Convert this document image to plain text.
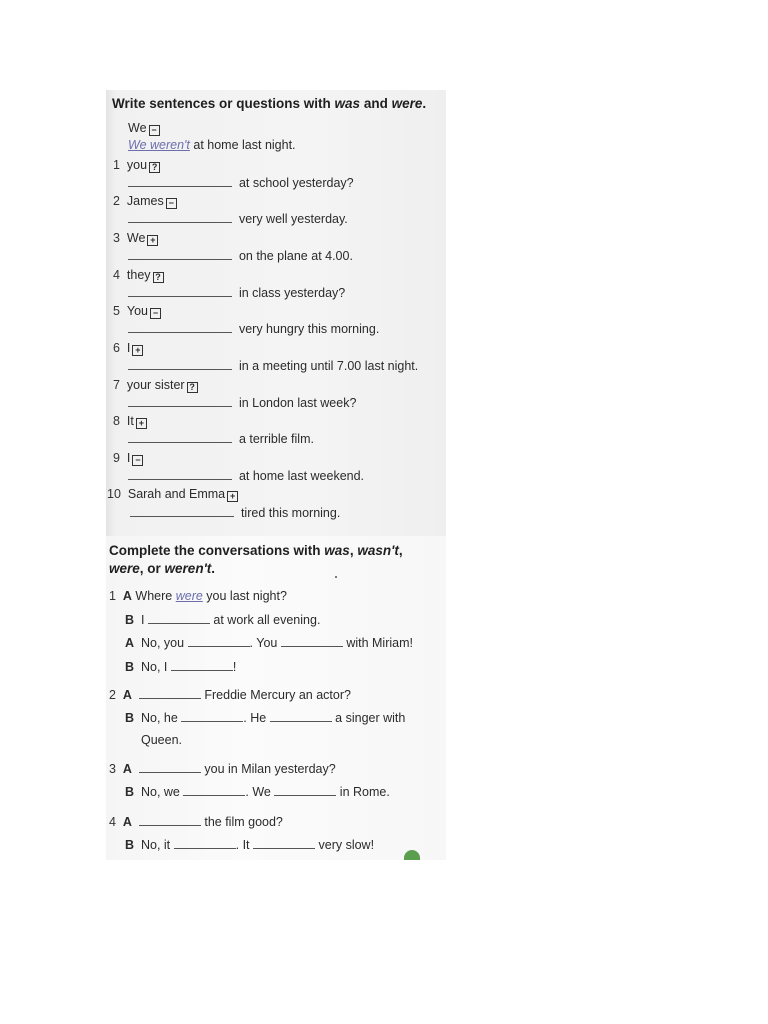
Write sentences or questions with was and were.
We −
We weren't at home last night.
1 you ?
at school yesterday?
2 James −
very well yesterday.
3 We +
on the plane at 4.00.
4 they ?
in class yesterday?
5 You −
very hungry this morning.
6 I +
in a meeting until 7.00 last night.
7 your sister ?
in London last week?
8 It +
a terrible film.
9 I −
at home last weekend.
10 Sarah and Emma +
tired this morning.
Complete the conversations with was, wasn't,
were, or weren't.
1 A Where were you last night?
B I	at work all evening.
A No, you	. You	with Miriam!
B No, I	!
2 A	Freddie Mercury an actor?
B No, he	. He	a singer with
Queen.
3 A	you in Milan yesterday?
B No, we	. We	in Rome.
4 A	the film good?
B No, it	. It	very slow!
